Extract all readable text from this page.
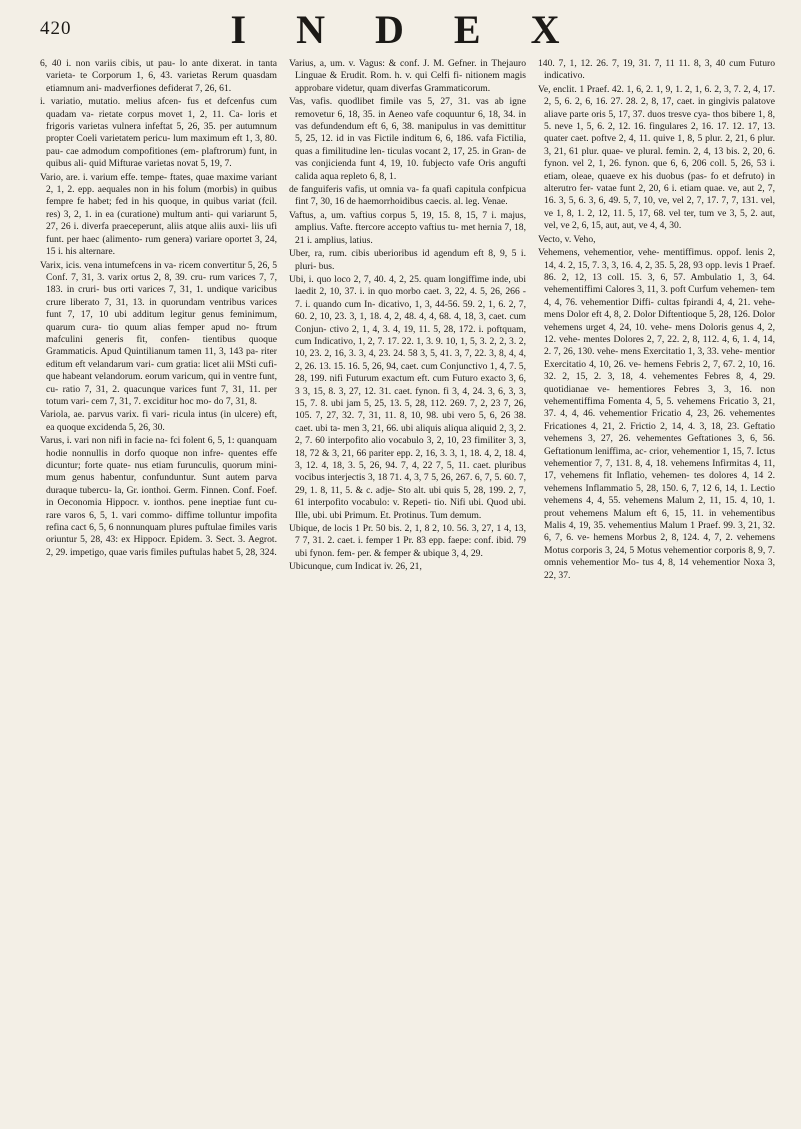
420	INDEX

6, 40 i. non variis cibis, ut pau- lo ante dixerat. in tanta varieta- te Corporum 1, 6, 43. varietas Rerum quasdam etiamnum ani- madverfiones defiderat 7, 26, 61.

i. variatio, mutatio. melius afcen- fus et defcenfus cum quadam va- rietate corpus movet 1, 2, 11. Ca- loris et frigoris varietas vulnera infeftat 5, 26, 35. per autumnum propter Coeli varietatem pericu- lum maximum eft 1, 3, 80. pau- cae admodum compofitiones (em- plaftrorum) funt, in quibus ali- quid Mifturae varietas novat 5, 19, 7.

Vario, are. i. varium effe. tempe- ftates, quae maxime variant 2, 1, 2. epp. aequales non in his folum (morbis) in quibus fempre fe habet; fed in his quoque, in quibus variat (fcil. res) 3, 2, 1. in ea (curatione) multum anti- qui variarunt 5, 27, 26 i. diverfa praeceperunt, aliis atque aliis auxi- liis ufi funt. per haec (alimento- rum genera) variare oportet 3, 24, 15 i. his alternare.

Varix, icis. vena intumefcens in va- ricem convertitur 5, 26, 5 Conf. 7, 31, 3. varix ortus 2, 8, 39. cru- rum varices 7, 7, 183. in cruri- bus orti varices 7, 31, 1. undique varicibus crure liberato 7, 31, 13. in quorundam ventribus varices funt 7, 17, 10 ubi additum legitur genus feminimum, quarum cura- tio quum alias femper apud no- ftrum mafculini generis fit, confen- tientibus quoque Grammaticis. Apud Quintilianum tamen 11, 3, 143 pa- riter editum eft velandarum vari- cum gratia: licet alii MSti cufi- que habeant velandorum. eorum varicum, qui in ventre funt, cu- ratio 7, 31, 2. quacunque varices funt 7, 31, 11. per totum vari- cem 7, 31, 7. exciditur hoc mo- do 7, 31, 8.

Variola, ae. parvus varix. fi vari- ricula intus (in ulcere) eft, ea quoque excidenda 5, 26, 30.

Varus, i. vari non nifi in facie na- fci folent 6, 5, 1: quanquam hodie nonnullis in dorfo quoque non infre- quentes effe dicuntur; forte quate- nus etiam furunculis, quorum mini- mum genus habentur, confunduntur. Sunt autem parva duraque tubercu- la, Gr. ionthoi. Germ. Finnen. Conf. Foef. in Oeconomia Hippocr. v. ionthos. pene ineptiae funt cu- rare varos 6, 5, 1. vari commo- diffime tolluntur impofita refina cact 6, 5, 6 nonnunquam plures puftulae fimiles varis oriuntur 5, 28, 43: ex Hippocr. Epidem. 3. Sect. 3. Aegrot. 2, 29. impetigo, quae varis fimiles puftulas habet 5, 28, 324.

Varius, a, um. v. Vagus: & conf. J. M. Gefner. in Thejauro Linguae & Erudit. Rom. h. v. qui Celfi fi- nitionem magis approbare videtur, quam diverfas Grammaticorum.

Vas, vafis. quodlibet fimile vas 5, 27, 31. vas ab igne removetur 6, 18, 35. in Aeneo vafe coquuntur 6, 18, 34. in vas defundendum eft 6, 6, 38. manipulus in vas demittitur 5, 25, 12. id in vas Fictile inditum 6, 6, 186. vafa Fictilia, quas a fimilitudine len- ticulas vocant 2, 17, 25. in Gran- de vas conjicienda funt 4, 19, 10. fubjecto vafe Oris angufti calida aqua repleto 6, 8, 1.

de fanguiferis vafis, ut omnia va- fa quafi capitula confpicua fint 7, 30, 16 de haemorrhoidibus caecis. al. leg. Venae.

Vaftus, a, um. vaftius corpus 5, 19, 15. 8, 15, 7 i. majus, amplius. Vafte. ftercore accepto vaftius tu- met hernia 7, 18, 21 i. amplius, latius.

Uber, ra, rum. cibis uberioribus id agendum eft 8, 9, 5 i. pluri- bus.

Ubi, i. quo loco 2, 7, 40. 4, 2, 25. quam longiffime inde, ubi laedit 2, 10, 37. i. in quo morbo caet. 3, 22, 4. 5, 26, 266 - 7. i. quando cum In- dicativo, 1, 3, 44-56. 59. 2, 1, 6. 2, 7, 60. 2, 10, 23. 3, 1, 18. 4, 2, 48. 4, 4, 68. 4, 18, 3, caet. cum Conjun- ctivo 2, 1, 4, 3. 4, 19, 11. 5, 28, 172. i. poftquam, cum Indicativo, 1, 2, 7. 17. 22. 1, 3. 9. 10, 1, 5, 3. 2, 2, 3. 2, 10, 23. 2, 16, 3. 3, 4, 23. 24. 58 3, 5, 41. 3, 7, 22. 3, 8, 4, 4, 2, 26. 13. 15. 16. 5, 26, 94, caet. cum Conjunctivo 1, 4, 7. 5, 28, 199. nifi Futurum exactum eft. cum Futuro exacto 3, 6, 3 3, 15, 8. 3, 27, 12. 31. caet. fynon. fi 3, 4, 24. 3, 6, 3, 3, 15, 7. 8. ubi jam 5, 25, 13. 5, 28, 112. 269. 7, 2, 23 7, 26, 105. 7, 27, 32. 7, 31, 11. 8, 10, 98. ubi vero 5, 6, 26 38. caet. ubi ta- men 3, 21, 66. ubi aliquis aliqua aliquid 2, 3, 2. 2, 7. 60 interpofito alio vocabulo 3, 2, 10, 23 fimiliter 3, 3, 18, 72 & 3, 21, 66 pariter epp. 2, 16, 3. 3, 1, 18. 4, 2, 18. 4, 3, 12. 4, 18, 3. 5, 26, 94. 7, 4, 22 7, 5, 11. caet. pluribus vocibus interjectis 3, 18 71. 4, 3, 7 5, 26, 267. 6, 7, 5. 60. 7, 29, 1. 8, 11, 5. & c. adje- Sto alt. ubi quis 5, 28, 199. 2, 7, 61 interpofito vocabulo: v. Repeti- tio. Nifi ubi. Quod ubi. Ille, ubi. ubi Primum. Et. Protinus. Tum demum.

Ubique, de locis 1 Pr. 50 bis. 2, 1, 8 2, 10. 56. 3, 27, 1 4, 13, 7 7, 31. 2. caet. i. femper 1 Pr. 83 epp. faepe: conf. ibid. 79 ubi fynon. fem- per. & femper & ubique 3, 4, 29.

Ubicunque, cum Indicat iv. 26, 21,

140. 7, 1, 12. 26. 7, 19, 31. 7, 11 11. 8, 3, 40 cum Futuro indicativo.

Ve, enclit. 1 Praef. 42. 1, 6, 2. 1, 9, 1. 2, 1, 6. 2, 3, 7. 2, 4, 17. 2, 5, 6. 2, 6, 16. 27. 28. 2, 8, 17, caet. in gingivis palatove aliave parte oris 5, 17, 37. duos tresve cya- thos bibere 1, 8, 5. neve 1, 5, 6. 2, 12. 16. fingulares 2, 16. 17. 12. 17, 13. quater caet. poftve 2, 4, 11. quive 1, 8, 5 plur. 2, 21, 6 plur. 3, 21, 61 plur. quae- ve plural. femin. 2, 4, 13 bis. 2, 20, 6. fynon. vel 2, 1, 26. fynon. que 6, 6, 206 coll. 5, 26, 53 i. etiam, oleae, quaeve ex his duobus (pas- fo et defruto) in alterutro fer- vatae funt 2, 20, 6 i. etiam quae. ve, aut 2, 7, 16. 3, 5, 6. 3, 6, 49. 5, 7, 10, ve, vel 2, 7, 17. 7, 7, 131. vel, ve 1, 8, 1. 2, 12, 11. 5, 17, 68. vel ter, tum ve 3, 5, 2. aut, vel, ve 2, 6, 15, aut, aut, ve 4, 4, 30.

Vecto, v. Veho,

Vehemens, vehementior, vehe- mentiffimus. oppof. lenis 2, 14, 4. 2, 15, 7. 3, 3, 16. 4, 2, 35. 5, 28, 93 opp. levis 1 Praef. 86. 2, 12, 13 coll. 15. 3, 6, 57. Ambulatio 1, 3, 64. vehementiffimi Calores 3, 11, 3. poft Curfum vehemen- tem 4, 4, 76. vehementior Diffi- cultas fpirandi 4, 4, 21. vehe- mens Dolor eft 4, 8, 2. Dolor Diftentioque 5, 28, 126. Dolor vehemens urget 4, 24, 10. vehe- mens Doloris genus 4, 2, 12. vehe- mentes Dolores 2, 7, 22. 2, 8, 112. 4, 6, 1. 4, 14, 2. 7, 26, 130. vehe- mens Exercitatio 1, 3, 33. vehe- mentior Exercitatio 4, 10, 26. ve- hemens Febris 2, 7, 67. 2, 10, 16. 32. 2, 15, 2. 3, 18, 4. vehementes Febres 8, 4, 29. quotidianae ve- hementiores Febres 3, 3, 16. non vehementiffima Fomenta 4, 5, 5. vehemens Fricatio 3, 21, 37. 4, 4, 46. vehementior Fricatio 4, 23, 26. vehementes Fricationes 4, 21, 2. Frictio 2, 14, 4. 3, 18, 23. Geftatio vehemens 3, 27, 26. vehementes Geftationes 3, 6, 56. Geftationum leniffima, ac- crior, vehementior 1, 15, 7. Ictus vehementior 7, 7, 131. 8, 4, 18. vehemens Infirmitas 4, 11, 17, vehemens fit Inflatio, vehemen- tes dolores 4, 14 2. vehemens Inflammatio 5, 28, 150. 6, 7, 12 6, 14, 1. Lectio vehemens 4, 4, 55. vehemens Malum 2, 11, 15. 4, 10, 1. prout vehemens Malum eft 6, 15, 11. in vehementibus Malis 4, 19, 35. vehementius Malum 1 Praef. 99. 3, 21, 32. 6, 7, 6. ve- hemens Morbus 2, 8, 124. 4, 7, 2. vehemens Motus corporis 3, 24, 5 Motus vehementior corporis 8, 9, 7. omnis vehementior Mo- tus 4, 8, 14 vehementior Noxa 3, 22, 37.
